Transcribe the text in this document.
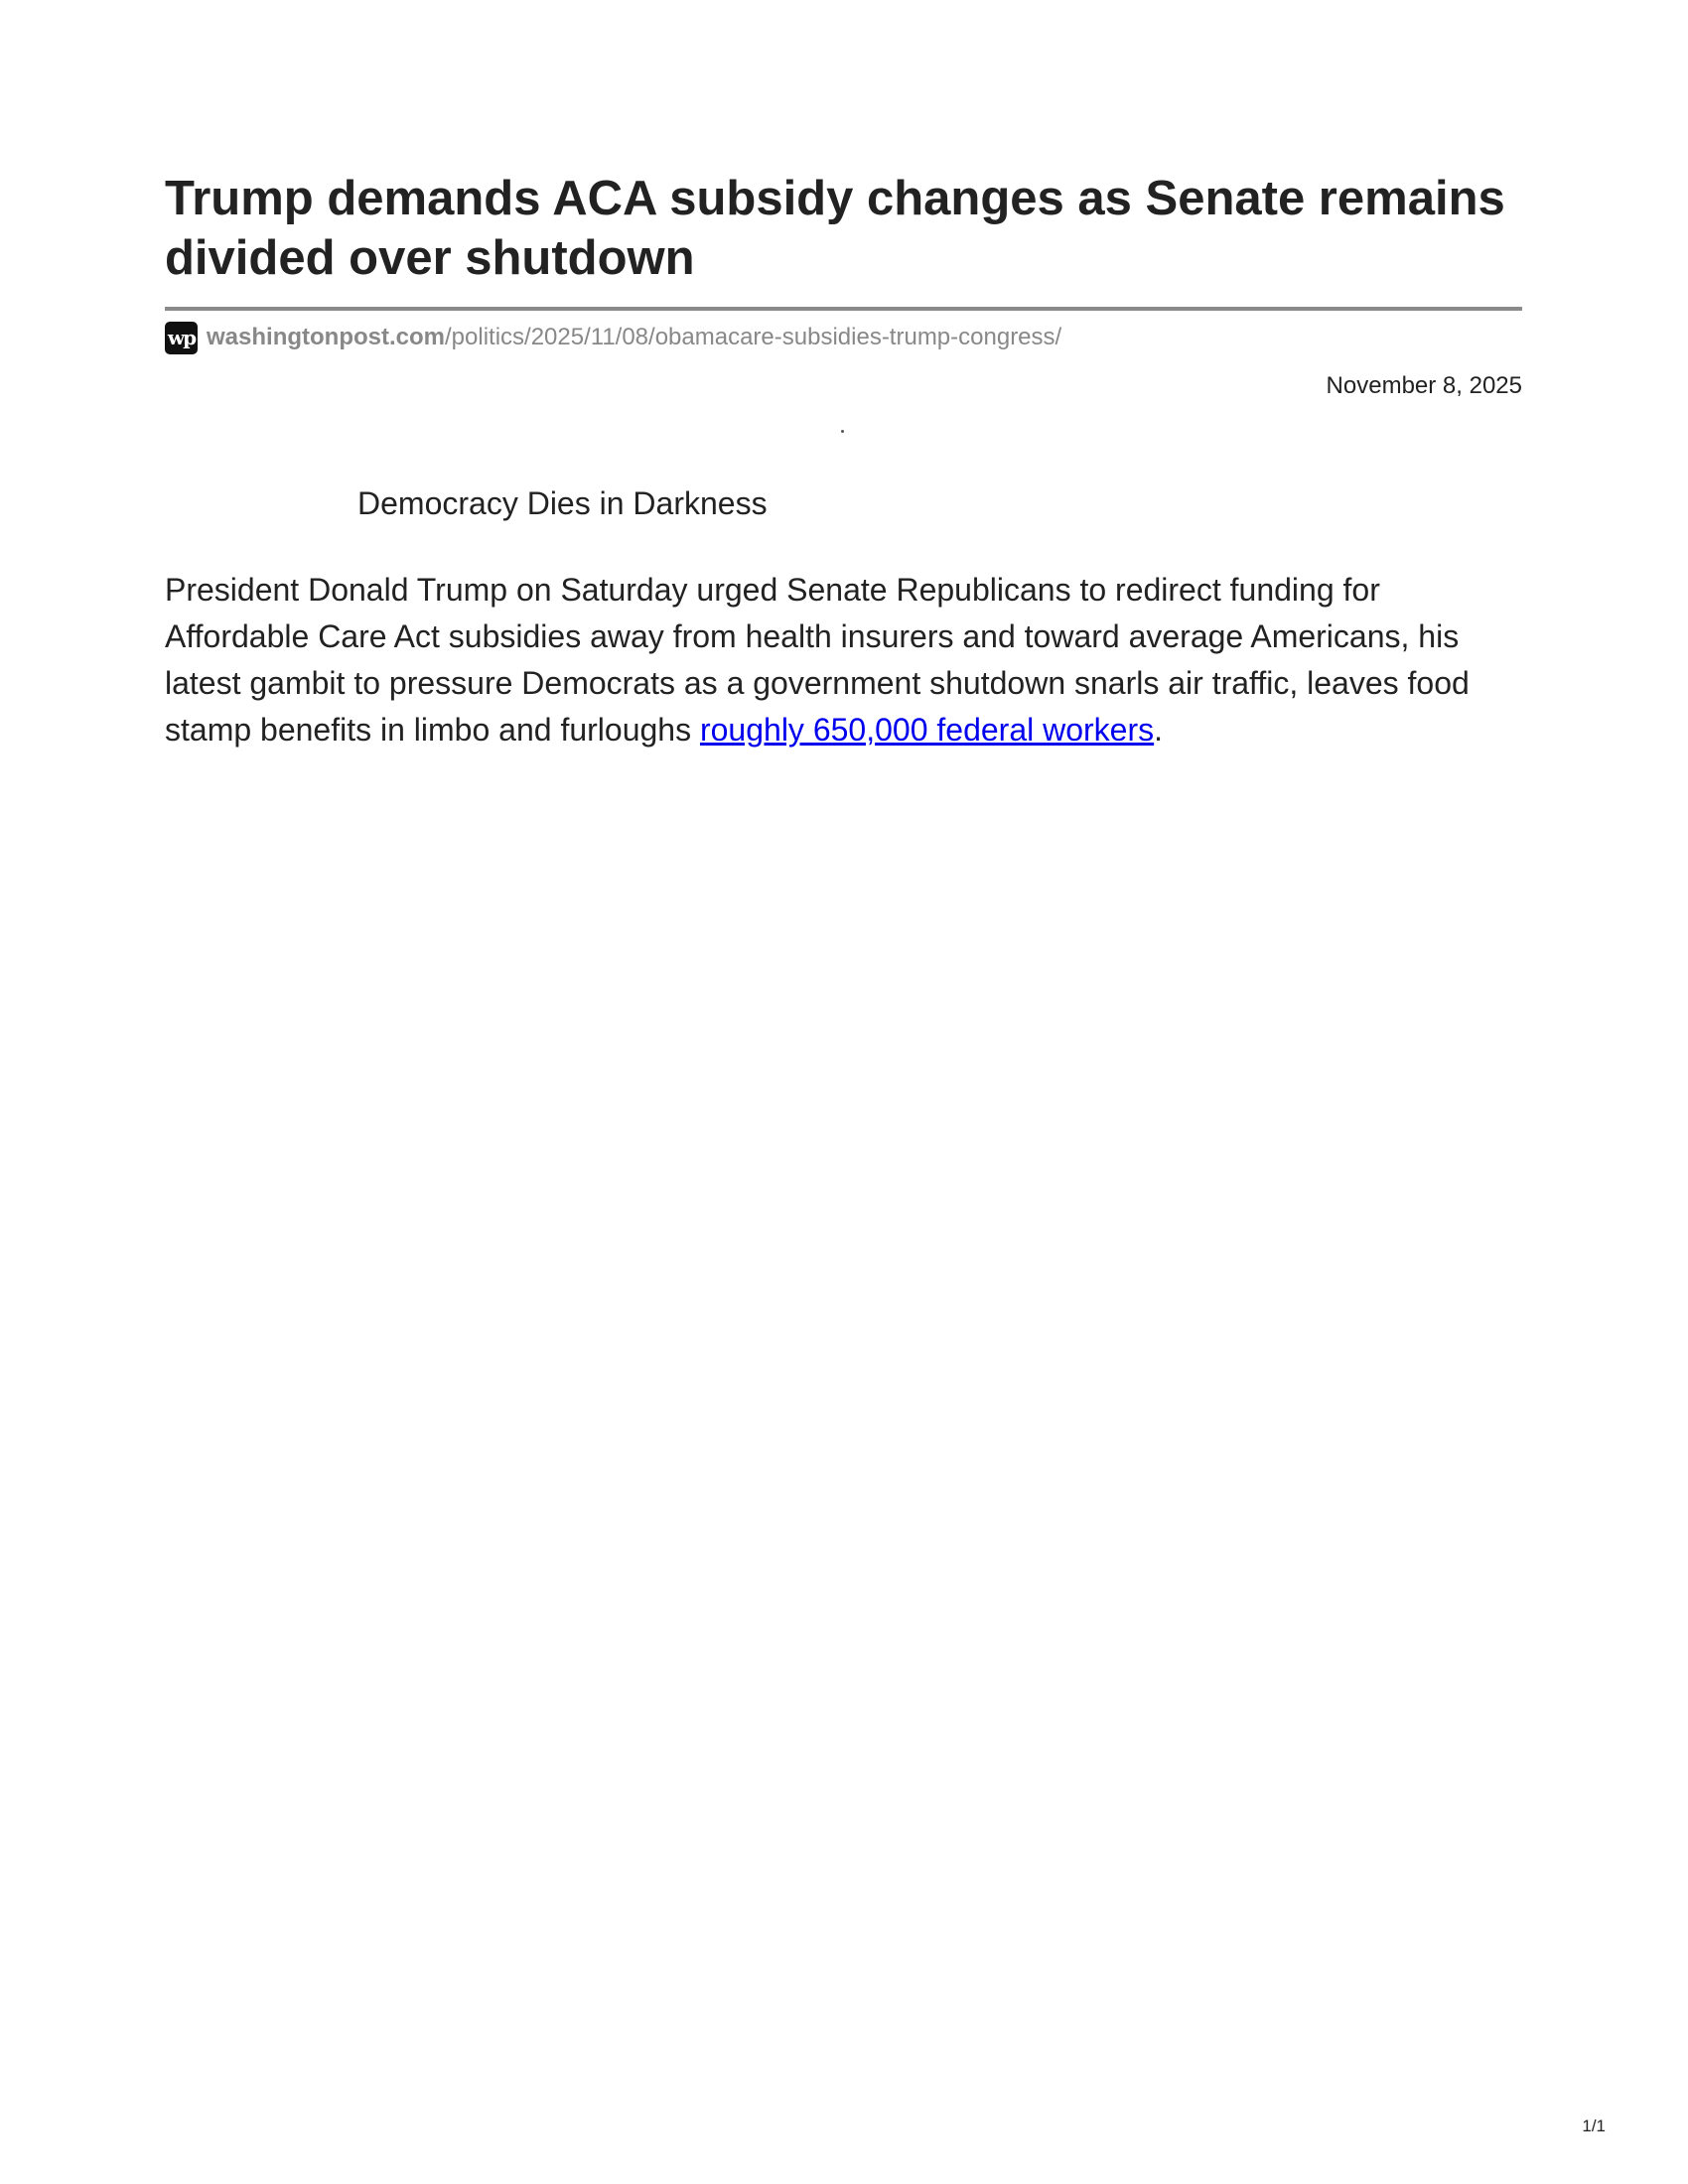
Trump demands ACA subsidy changes as Senate remains divided over shutdown
wp washingtonpost.com /politics/2025/11/08/obamacare-subsidies-trump-congress/
November 8, 2025
Democracy Dies in Darkness

President Donald Trump on Saturday urged Senate Republicans to redirect funding for Affordable Care Act subsidies away from health insurers and toward average Americans, his latest gambit to pressure Democrats as a government shutdown snarls air traffic, leaves food stamp benefits in limbo and furloughs roughly 650,000 federal workers.

1/1
